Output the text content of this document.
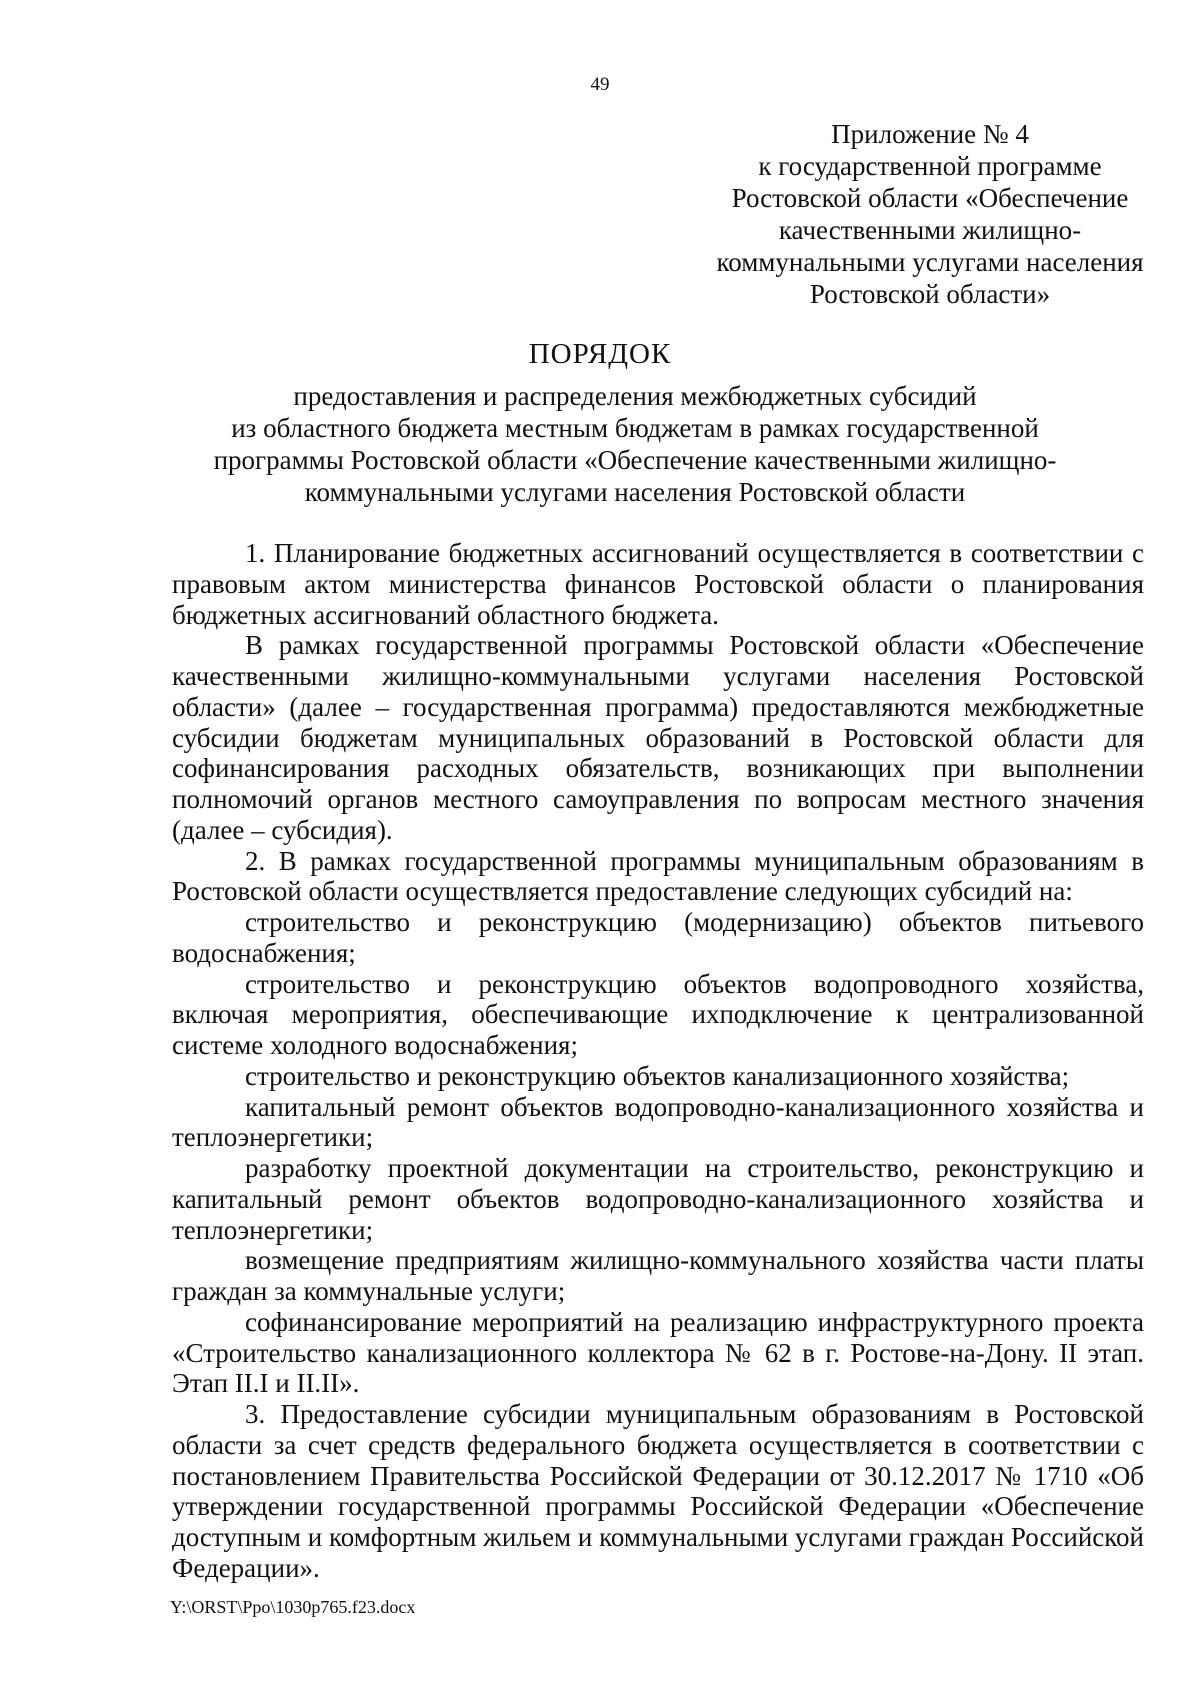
49
Приложение № 4
к государственной программе
Ростовской области «Обеспечение
качественными жилищно-
коммунальными услугами населения
Ростовской области»
ПОРЯДОК
предоставления и распределения межбюджетных субсидий
из областного бюджета местным бюджетам в рамках государственной
программы Ростовской области «Обеспечение качественными жилищно-
коммунальными услугами населения Ростовской области

1. Планирование бюджетных ассигнований осуществляется в соответствии с правовым актом министерства финансов Ростовской области о планирования бюджетных ассигнований областного бюджета.

В рамках государственной программы Ростовской области «Обеспечение качественными жилищно-коммунальными услугами населения Ростовской области» (далее – государственная программа) предоставляются межбюджетные субсидии бюджетам муниципальных образований в Ростовской области для софинансирования расходных обязательств, возникающих при выполнении полномочий органов местного самоуправления по вопросам местного значения (далее – субсидия).

2. В рамках государственной программы муниципальным образованиям в Ростовской области осуществляется предоставление следующих субсидий на:

строительство и реконструкцию (модернизацию) объектов питьевого водоснабжения;

строительство и реконструкцию объектов водопроводного хозяйства, включая мероприятия, обеспечивающие ихподключение к централизованной системе холодного водоснабжения;

строительство и реконструкцию объектов канализационного хозяйства;

капитальный ремонт объектов водопроводно-канализационного хозяйства и теплоэнергетики;

разработку проектной документации на строительство, реконструкцию и капитальный ремонт объектов водопроводно-канализационного хозяйства и теплоэнергетики;

возмещение предприятиям жилищно-коммунального хозяйства части платы граждан за коммунальные услуги;

софинансирование мероприятий на реализацию инфраструктурного проекта «Строительство канализационного коллектора № 62 в г. Ростове-на-Дону. II этап. Этап II.I и II.II».

3. Предоставление субсидии муниципальным образованиям в Ростовской области за счет средств федерального бюджета осуществляется в соответствии с постановлением Правительства Российской Федерации от 30.12.2017 № 1710 «Об утверждении государственной программы Российской Федерации «Обеспечение доступным и комфортным жильем и коммунальными услугами граждан Российской Федерации».

Y:\ORST\Ppo\1030p765.f23.docx
